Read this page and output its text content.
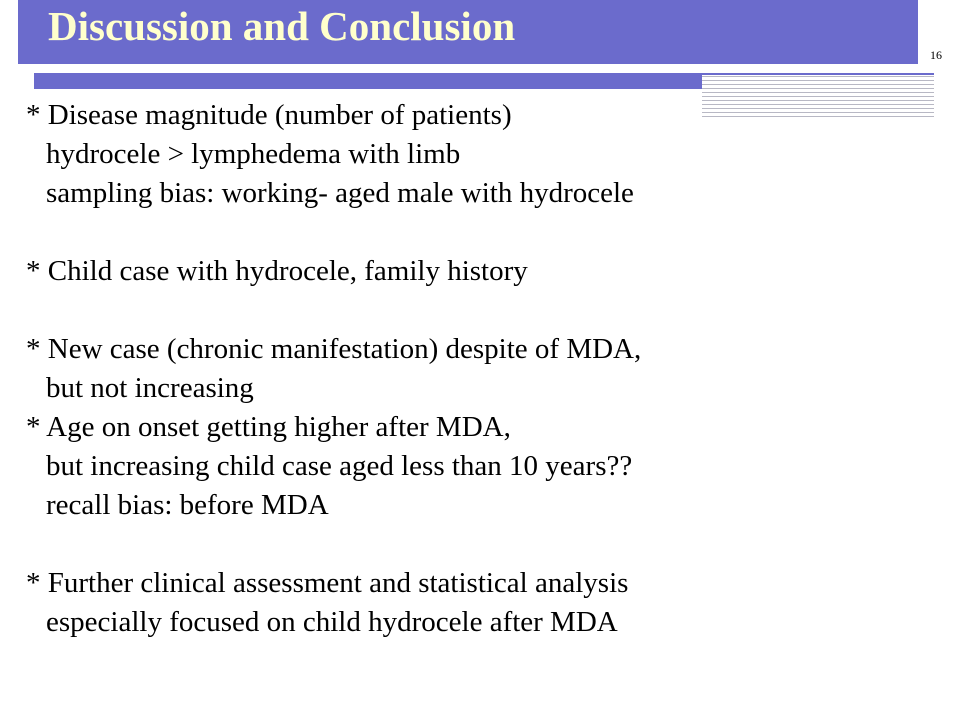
Discussion and Conclusion
16
* Disease magnitude (number of patients)
hydrocele > lymphedema with limb
sampling bias: working- aged male with hydrocele
* Child case with hydrocele, family history
* New case (chronic manifestation) despite of MDA,
but not increasing
* Age on onset getting higher after MDA,
but increasing child case aged less than 10 years??
recall bias: before MDA
* Further clinical assessment and statistical analysis
especially focused on child hydrocele after MDA
